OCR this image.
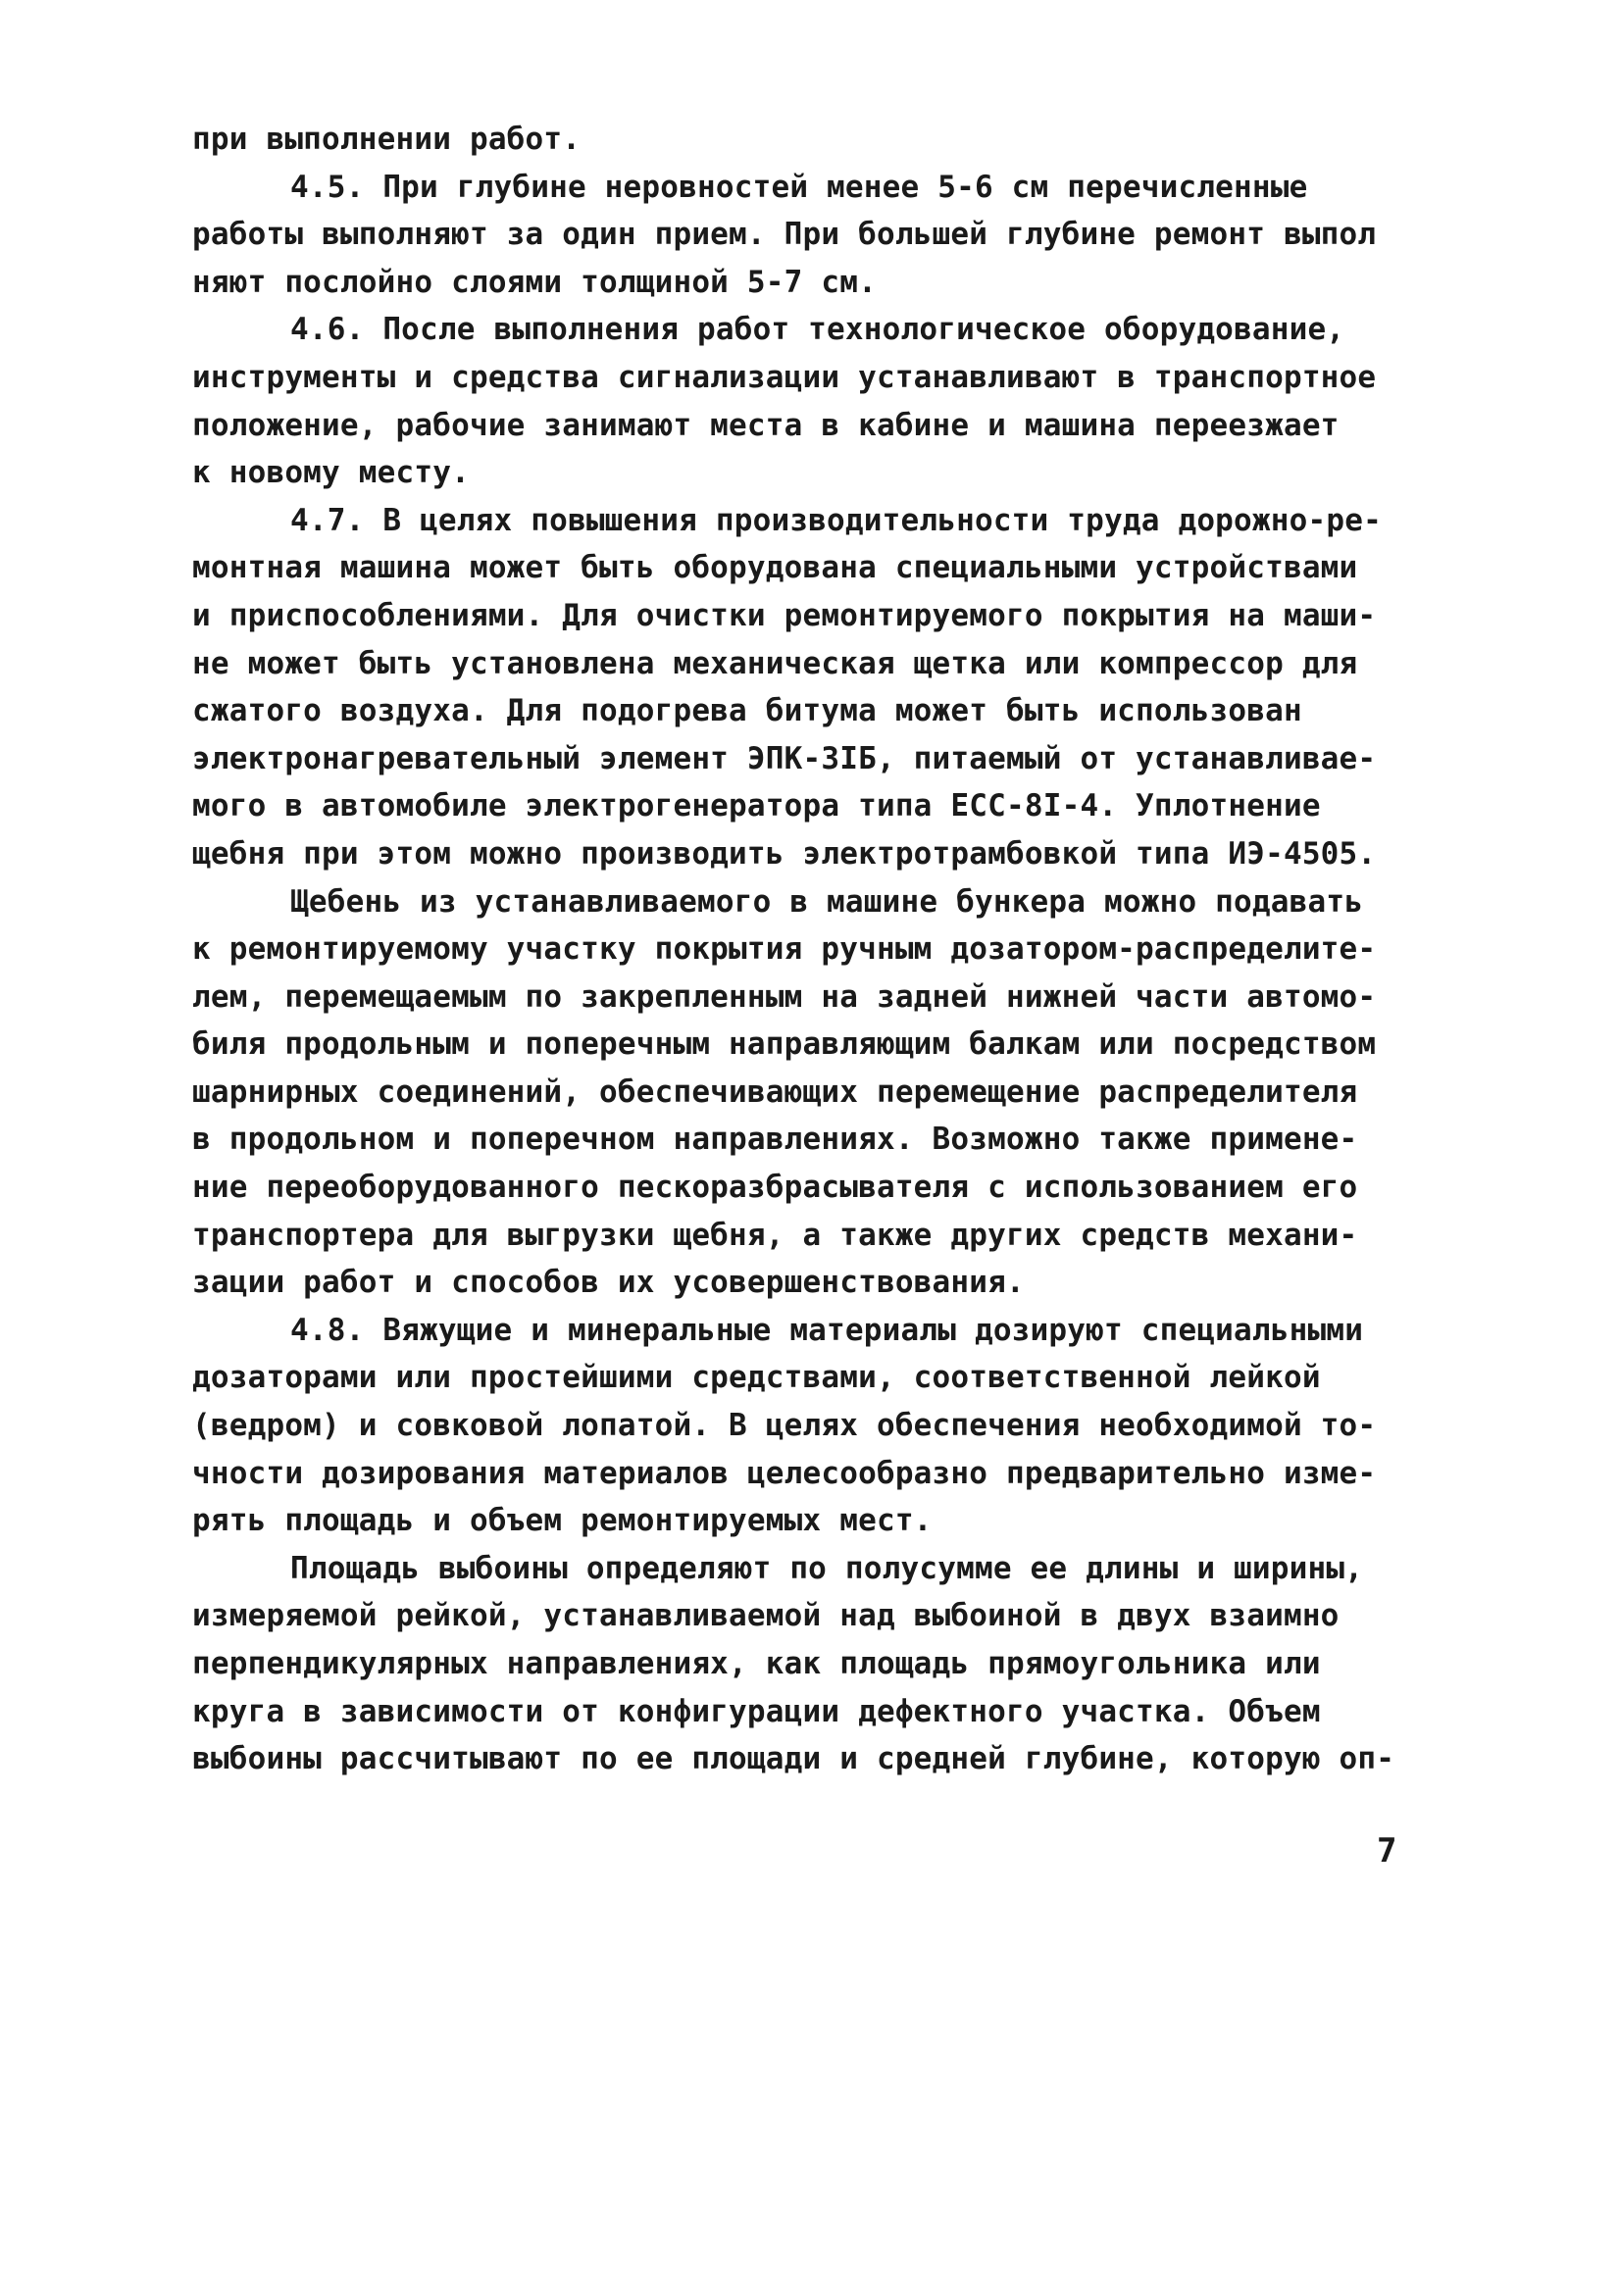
при выполнении работ.
4.5. При глубине неровностей менее 5-6 см перечисленные
работы выполняют за один прием. При большей глубине ремонт выпол
няют послойно слоями толщиной 5-7 см.
4.6. После выполнения работ технологическое оборудование,
инструменты и средства сигнализации устанавливают в транспортное
положение, рабочие занимают места в кабине и машина переезжает
к новому месту.
4.7. В целях повышения производительности труда дорожно-ре-
монтная машина может быть оборудована специальными устройствами
и приспособлениями. Для очистки ремонтируемого покрытия на маши-
не может быть установлена механическая щетка или компрессор для
сжатого воздуха. Для подогрева битума может быть использован
электронагревательный элемент ЭПК-3IБ, питаемый от устанавливае-
мого в автомобиле электрогенератора типа ЕСС-8I-4. Уплотнение
щебня при этом можно производить электротрамбовкой типа ИЭ-4505.
Щебень из устанавливаемого в машине бункера можно подавать
к ремонтируемому участку покрытия ручным дозатором-распределите-
лем, перемещаемым по закрепленным на задней нижней части автомо-
биля продольным и поперечным направляющим балкам или посредством
шарнирных соединений, обеспечивающих перемещение распределителя
в продольном и поперечном направлениях. Возможно также примене-
ние переоборудованного пескоразбрасывателя с использованием его
транспортера для выгрузки щебня, а также других средств механи-
зации работ и способов их усовершенствования.
4.8. Вяжущие и минеральные материалы дозируют специальными
дозаторами или простейшими средствами, соответственной лейкой
(ведром) и совковой лопатой. В целях обеспечения необходимой то-
чности дозирования материалов целесообразно предварительно изме-
рять площадь и объем ремонтируемых мест.
Площадь выбоины определяют по полусумме ее длины и ширины,
измеряемой рейкой, устанавливаемой над выбоиной в двух взаимно
перпендикулярных направлениях, как площадь прямоугольника или
круга в зависимости от конфигурации дефектного участка. Объем
выбоины рассчитывают по ее площади и средней глубине, которую оп-
7
